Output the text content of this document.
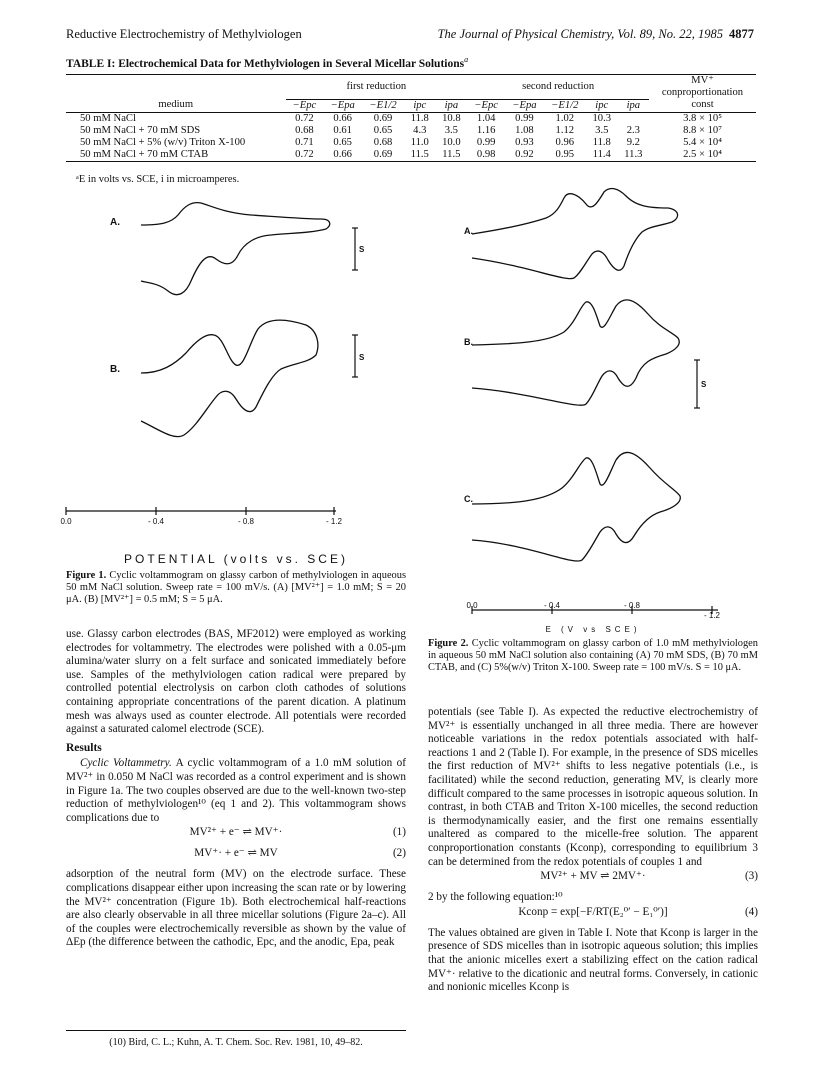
Reductive Electrochemistry of Methylviologen	The Journal of Physical Chemistry, Vol. 89, No. 22, 1985 4877
TABLE I: Electrochemical Data for Methylviologen in Several Micellar Solutions$^a$

	first reduction					second reduction					MV⁺
conproportionation
medium	−Epc	−Epa	−E1/2	ipc	ipa	−Epc	−Epa	−E1/2	ipc	ipa	const
50 mM NaCl	0.72	0.66	0.69	11.8	10.8	1.04	0.99	1.02	10.3		3.8 × 10⁵
50 mM NaCl + 70 mM SDS	0.68	0.61	0.65	4.3	3.5	1.16	1.08	1.12	3.5	2.3	8.8 × 10⁷
50 mM NaCl + 5% (w/v) Triton X-100	0.71	0.65	0.68	11.0	10.0	0.99	0.93	0.96	11.8	9.2	5.4 × 10⁴
50 mM NaCl + 70 mM CTAB	0.72	0.66	0.69	11.5	11.5	0.98	0.92	0.95	11.4	11.3	2.5 × 10⁴
ᵃE in volts vs. SCE, i in microamperes.
A.
S
B.
S
0.0	- 0.4	- 0.8	- 1.2
POTENTIAL (volts vs. SCE)
Figure 1. Cyclic voltammogram on glassy carbon of methylviologen in aqueous 50 mM NaCl solution. Sweep rate = 100 mV/s. (A) [MV²⁺] = 1.0 mM; S = 20 μA. (B) [MV²⁺] = 0.5 mM; S = 5 μA.
A.
B.
S
C.
0.0	- 0.4	- 0.8
- 1.2
E (V vs SCE)
Figure 2. Cyclic voltammogram on glassy carbon of 1.0 mM methylviologen in aqueous 50 mM NaCl solution also containing (A) 70 mM SDS, (B) 70 mM CTAB, and (C) 5%(w/v) Triton X-100. Sweep rate = 100 mV/s. S = 10 μA.

use. Glassy carbon electrodes (BAS, MF2012) were employed as working electrodes for voltammetry. The electrodes were polished with a 0.05-μm alumina/water slurry on a felt surface and sonicated immediately before use. Samples of the methylviologen cation radical were prepared by controlled potential electrolysis on carbon cloth cathodes of solutions containing appropriate concentrations of the parent dication. A platinum mesh was always used as counter electrode. All potentials were recorded against a saturated calomel electrode (SCE).

Results

Cyclic Voltammetry. A cyclic voltammogram of a 1.0 mM solution of MV²⁺ in 0.050 M NaCl was recorded as a control experiment and is shown in Figure 1a. The two couples observed are due to the well-known two-step reduction of methylviologen¹⁰ (eq 1 and 2). This voltammogram shows complications due to

MV²⁺ + e⁻ ⇌ MV⁺·	(1)
MV⁺· + e⁻ ⇌ MV	(2)

adsorption of the neutral form (MV) on the electrode surface. These complications disappear either upon increasing the scan rate or by lowering the MV²⁺ concentration (Figure 1b). Both electrochemical half-reactions are also clearly observable in all three micellar solutions (Figure 2a–c). All of the couples were electrochemically reversible as shown by the value of ΔEp (the difference between the cathodic, Epc, and the anodic, Epa, peak

(10) Bird, C. L.; Kuhn, A. T. Chem. Soc. Rev. 1981, 10, 49–82.

potentials (see Table I). As expected the reductive electrochemistry of MV²⁺ is essentially unchanged in all three media. There are however noticeable variations in the redox potentials associated with half-reactions 1 and 2 (Table I). For example, in the presence of SDS micelles the first reduction of MV²⁺ shifts to less negative potentials (i.e., is facilitated) while the second reduction, generating MV, is clearly more difficult compared to the same processes in isotropic aqueous solution. In contrast, in both CTAB and Triton X-100 micelles, the second reduction is thermodynamically easier, and the first one remains essentially unaltered as compared to the micelle-free solution. The apparent conproportionation constants (Kconp), corresponding to equilibrium 3 can be determined from the redox potentials of couples 1 and

MV²⁺ + MV ⇌ 2MV⁺·	(3)

2 by the following equation:¹⁰

Kconp = exp[−F/RT(E₂⁰′ − E₁⁰′)]	(4)

The values obtained are given in Table I. Note that Kconp is larger in the presence of SDS micelles than in isotropic aqueous solution; this implies that the anionic micelles exert a stabilizing effect on the cation radical MV⁺· relative to the dicationic and neutral forms. Conversely, in cationic and nonionic micelles Kconp is
